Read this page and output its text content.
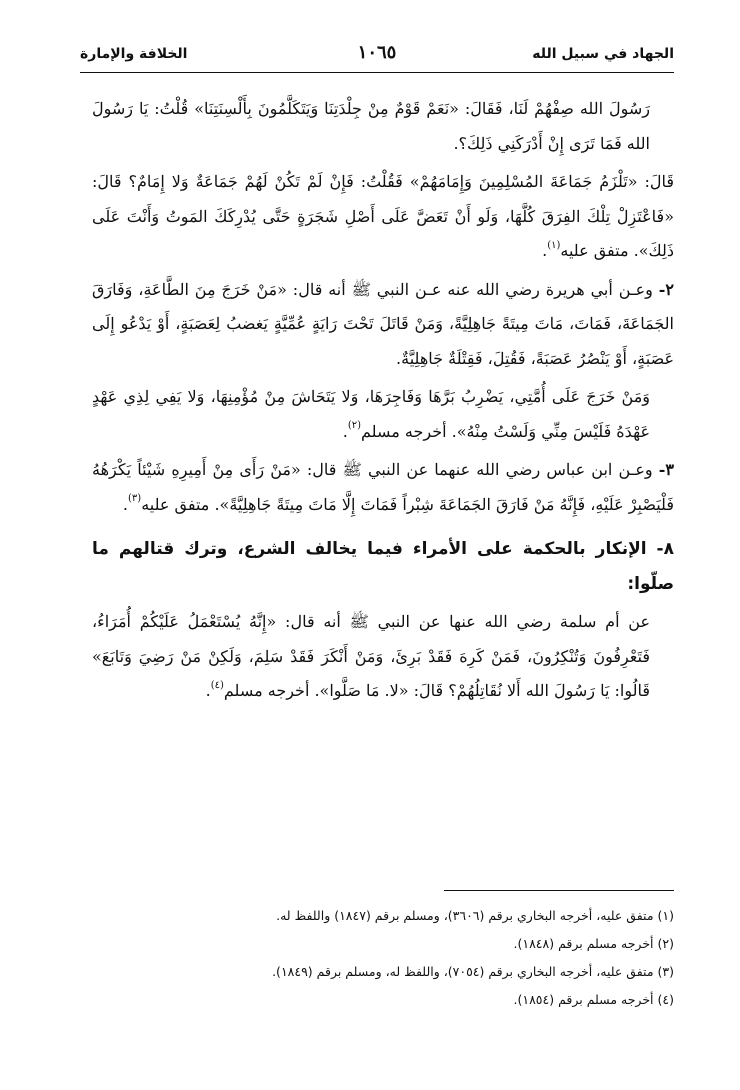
الجهاد في سبيل الله
١٠٦٥
الخلافة والإمارة

رَسُولَ الله صِفْهُمْ لَنَا، فَقَالَ: «نَعَمْ قَوْمٌ مِنْ جِلْدَتِنَا وَيَتَكَلَّمُونَ بِأَلْسِنَتِنَا» قُلْتُ: يَا رَسُولَ الله فَمَا تَرَى إِنْ أَدْرَكَنِي ذَلِكَ؟.

قَالَ: «تَلْزَمُ جَمَاعَةَ المُسْلِمِينَ وَإِمَامَهُمْ» فَقُلْتُ: فَإِنْ لَمْ تَكُنْ لَهُمْ جَمَاعَةٌ وَلا إِمَامٌ؟ قَالَ: «فَاعْتَزِلْ تِلْكَ الفِرَقَ كُلَّهَا، وَلَو أَنْ تَعَضَّ عَلَى أَصْلِ شَجَرَةٍ حَتَّى يُدْرِكَكَ المَوتُ وَأَنْتَ عَلَى ذَلِكَ». متفق عليه$^{(١)}$.

٢- وعـن أبي هريرة رضي الله عنه عـن النبي ﷺ أنه قال: «مَنْ خَرَجَ مِنَ الطَّاعَةِ، وَفَارَقَ الجَمَاعَةَ، فَمَاتَ، مَاتَ مِيتَةً جَاهِلِيَّةً، وَمَنْ قَاتَلَ تَحْتَ رَايَةٍ عُمِّيَّةٍ يَغضبُ لِعَصَبَةٍ، أَوْ يَدْعُو إِلَى عَصَبَةٍ، أَوْ يَنْصُرُ عَصَبَةً، فَقُتِلَ، فَقِتْلَةٌ جَاهِلِيَّةٌ.

وَمَنْ خَرَجَ عَلَى أُمَّتِي، يَضْرِبُ بَرَّهَا وَفَاجِرَهَا، وَلا يَتَحَاشَ مِنْ مُؤْمِنِهَا، وَلا يَفِي لِذِي عَهْدٍ عَهْدَهُ فَلَيْسَ مِنِّي وَلَسْتُ مِنْهُ». أخرجه مسلم$^{(٢)}$.

٣- وعـن ابن عباس رضي الله عنهما عن النبي ﷺ قال: «مَنْ رَأَى مِنْ أَمِيرِهِ شَيْئاً يَكْرَهُهُ فَلْيَصْبِرْ عَلَيْهِ، فَإِنَّهُ مَنْ فَارَقَ الجَمَاعَةَ شِبْراً فَمَاتَ إِلَّا مَاتَ مِيتَةً جَاهِلِيَّةً». متفق عليه$^{(٣)}$.

٨- الإنكار بالحكمة على الأمراء فيما يخالف الشرع، وترك قتالهم ما صلّوا:

عن أم سلمة رضي الله عنها عن النبي ﷺ أنه قال: «إِنَّهُ يُسْتَعْمَلُ عَلَيْكُمْ أُمَرَاءُ، فَتَعْرِفُونَ وَتُنْكِرُونَ، فَمَنْ كَرِهَ فَقَدْ بَرِئَ، وَمَنْ أَنْكَرَ فَقَدْ سَلِمَ، وَلَكِنْ مَنْ رَضِيَ وَتَابَعَ» قَالُوا: يَا رَسُولَ الله أَلا نُقَاتِلُهُمْ؟ قَالَ: «لا. مَا صَلَّوا». أخرجه مسلم$^{(٤)}$.

(١) متفق عليه، أخرجه البخاري برقم (٣٦٠٦)، ومسلم برقم (١٨٤٧) واللفظ له.
(٢) أخرجه مسلم برقم (١٨٤٨).
(٣) متفق عليه، أخرجه البخاري برقم (٧٠٥٤)، واللفظ له، ومسلم برقم (١٨٤٩).
(٤) أخرجه مسلم برقم (١٨٥٤).
